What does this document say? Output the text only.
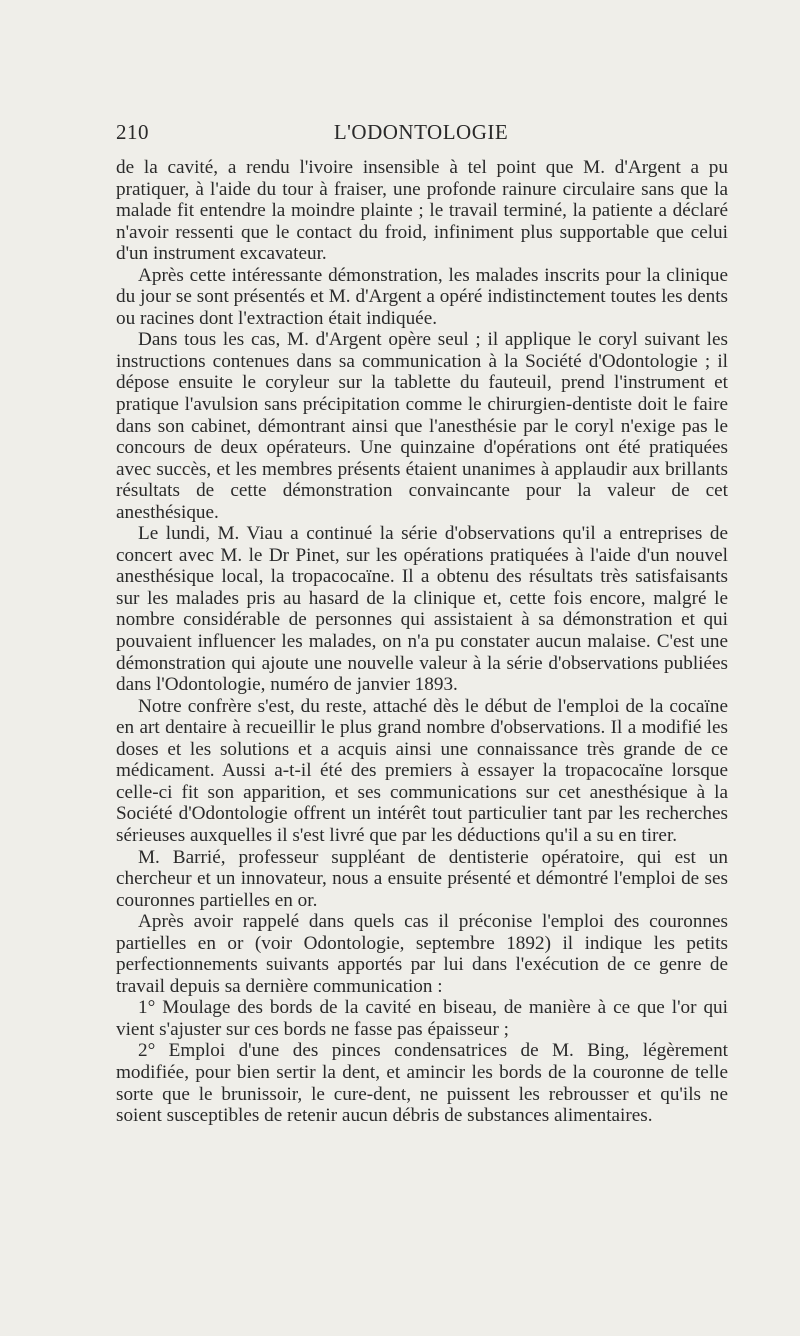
210	L'ODONTOLOGIE

de la cavité, a rendu l'ivoire insensible à tel point que M. d'Argent a pu pratiquer, à l'aide du tour à fraiser, une profonde rainure circulaire sans que la malade fit entendre la moindre plainte ; le travail terminé, la patiente a déclaré n'avoir ressenti que le contact du froid, infiniment plus supportable que celui d'un instrument excavateur.

Après cette intéressante démonstration, les malades inscrits pour la clinique du jour se sont présentés et M. d'Argent a opéré indistinctement toutes les dents ou racines dont l'extraction était indiquée.

Dans tous les cas, M. d'Argent opère seul ; il applique le coryl suivant les instructions contenues dans sa communication à la Société d'Odontologie ; il dépose ensuite le coryleur sur la tablette du fauteuil, prend l'instrument et pratique l'avulsion sans précipitation comme le chirurgien-dentiste doit le faire dans son cabinet, démontrant ainsi que l'anesthésie par le coryl n'exige pas le concours de deux opérateurs. Une quinzaine d'opérations ont été pratiquées avec succès, et les membres présents étaient unanimes à applaudir aux brillants résultats de cette démonstration convaincante pour la valeur de cet anesthésique.

Le lundi, M. Viau a continué la série d'observations qu'il a entreprises de concert avec M. le Dr Pinet, sur les opérations pratiquées à l'aide d'un nouvel anesthésique local, la tropacocaïne. Il a obtenu des résultats très satisfaisants sur les malades pris au hasard de la clinique et, cette fois encore, malgré le nombre considérable de personnes qui assistaient à sa démonstration et qui pouvaient influencer les malades, on n'a pu constater aucun malaise. C'est une démonstration qui ajoute une nouvelle valeur à la série d'observations publiées dans l'Odontologie, numéro de janvier 1893.

Notre confrère s'est, du reste, attaché dès le début de l'emploi de la cocaïne en art dentaire à recueillir le plus grand nombre d'observations. Il a modifié les doses et les solutions et a acquis ainsi une connaissance très grande de ce médicament. Aussi a-t-il été des premiers à essayer la tropacocaïne lorsque celle-ci fit son apparition, et ses communications sur cet anesthésique à la Société d'Odontologie offrent un intérêt tout particulier tant par les recherches sérieuses auxquelles il s'est livré que par les déductions qu'il a su en tirer.

M. Barrié, professeur suppléant de dentisterie opératoire, qui est un chercheur et un innovateur, nous a ensuite présenté et démontré l'emploi de ses couronnes partielles en or.

Après avoir rappelé dans quels cas il préconise l'emploi des couronnes partielles en or (voir Odontologie, septembre 1892) il indique les petits perfectionnements suivants apportés par lui dans l'exécution de ce genre de travail depuis sa dernière communication :

1° Moulage des bords de la cavité en biseau, de manière à ce que l'or qui vient s'ajuster sur ces bords ne fasse pas épaisseur ;

2° Emploi d'une des pinces condensatrices de M. Bing, légèrement modifiée, pour bien sertir la dent, et amincir les bords de la couronne de telle sorte que le brunissoir, le cure-dent, ne puissent les rebrousser et qu'ils ne soient susceptibles de retenir aucun débris de substances alimentaires.
